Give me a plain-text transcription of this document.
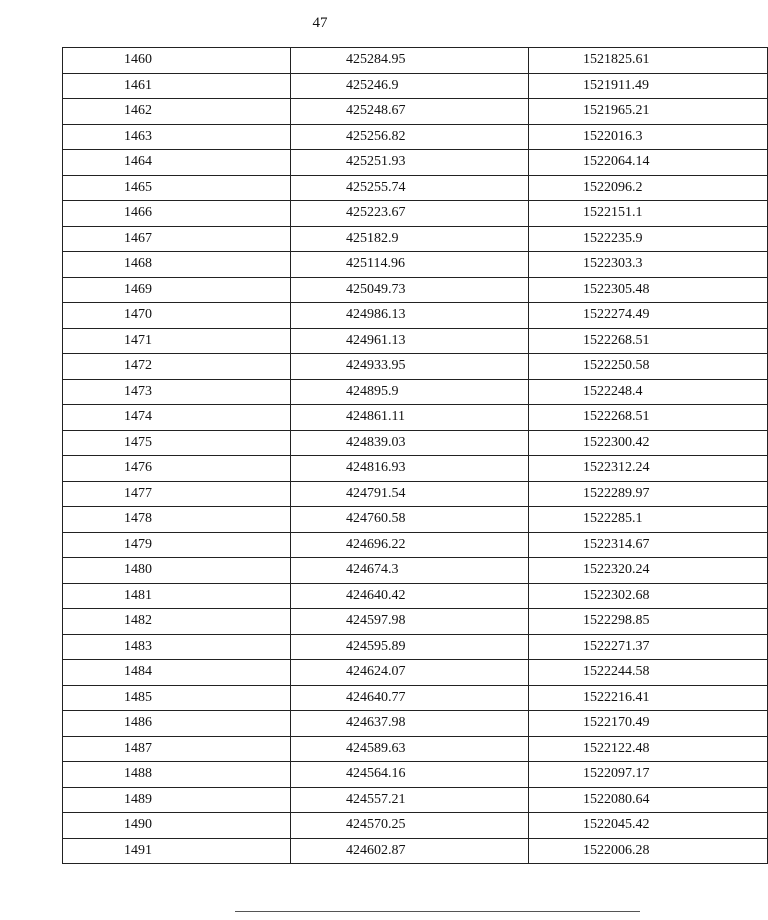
47
1460	425284.95	1521825.61
1461	425246.9	1521911.49
1462	425248.67	1521965.21
1463	425256.82	1522016.3
1464	425251.93	1522064.14
1465	425255.74	1522096.2
1466	425223.67	1522151.1
1467	425182.9	1522235.9
1468	425114.96	1522303.3
1469	425049.73	1522305.48
1470	424986.13	1522274.49
1471	424961.13	1522268.51
1472	424933.95	1522250.58
1473	424895.9	1522248.4
1474	424861.11	1522268.51
1475	424839.03	1522300.42
1476	424816.93	1522312.24
1477	424791.54	1522289.97
1478	424760.58	1522285.1
1479	424696.22	1522314.67
1480	424674.3	1522320.24
1481	424640.42	1522302.68
1482	424597.98	1522298.85
1483	424595.89	1522271.37
1484	424624.07	1522244.58
1485	424640.77	1522216.41
1486	424637.98	1522170.49
1487	424589.63	1522122.48
1488	424564.16	1522097.17
1489	424557.21	1522080.64
1490	424570.25	1522045.42
1491	424602.87	1522006.28
